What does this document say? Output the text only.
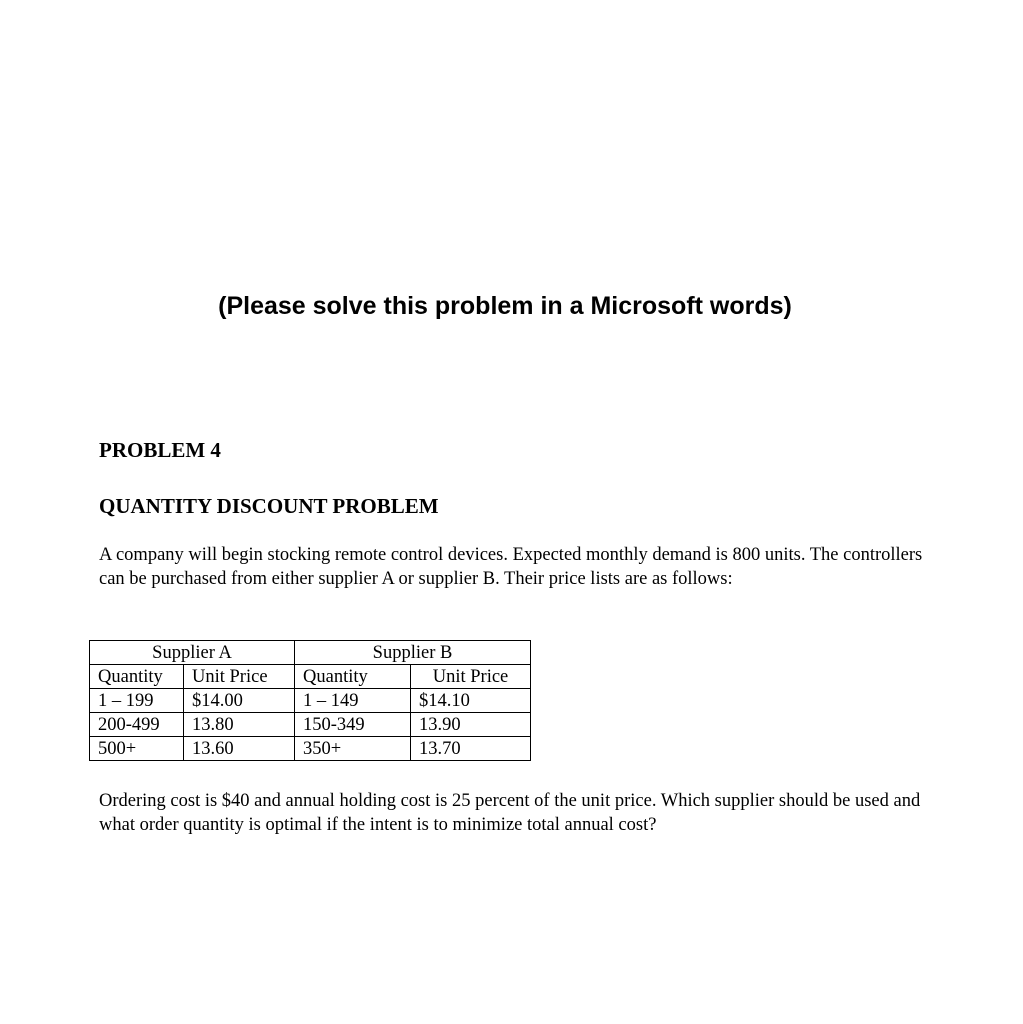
(Please solve this problem in a Microsoft words)
PROBLEM 4
QUANTITY DISCOUNT PROBLEM
A company will begin stocking remote control devices. Expected monthly demand is 800 units. The controllers can be purchased from either supplier A or supplier B. Their price lists are as follows:
Supplier A		Supplier B	
Quantity	Unit Price	Quantity	Unit Price
1 – 199	$14.00	1 – 149	$14.10
200-499	13.80	150-349	13.90
500+	13.60	350+	13.70
Ordering cost is $40 and annual holding cost is 25 percent of the unit price. Which supplier should be used and what order quantity is optimal if the intent is to minimize total annual cost?
